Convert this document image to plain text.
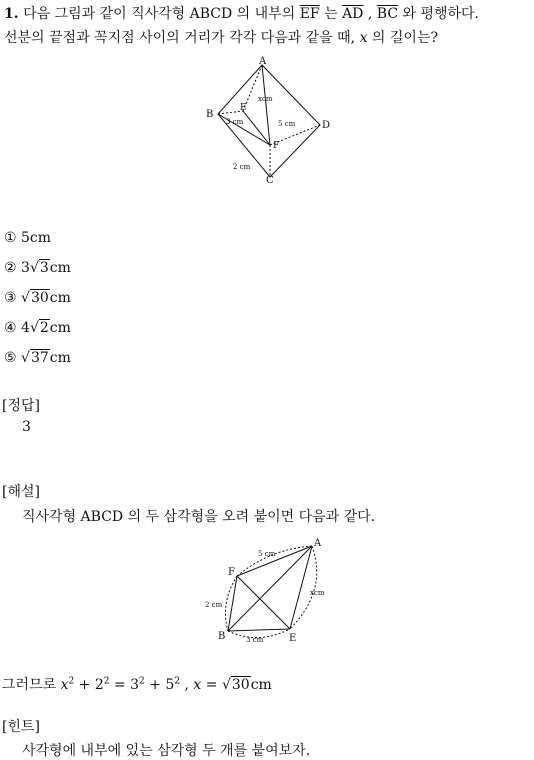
1. 다음 그림과 같이 직사각형 ABCD 의 내부의 $\overline{EF}$ 는 $\overline{AD}$ , $\overline{BC}$ 와 평행하다.
선분의 끝점과 꼭지점 사이의 거리가 각각 다음과 같을 때, x 의 길이는?
A
B
C
D
E
F
xcm
3 cm	5 cm
2 cm
① 5cm
② 3√3cm
③ √30cm
④ 4√2cm
⑤ √37cm
[정답]
3
[해설]
직사각형 ABCD 의 두 삼각형을 오려 붙이면 다음과 같다.
A
B	E
F
5 cm
2 cm
xcm
3 cm
그러므로 $x^2 + 2^2 = 3^2 + 5^2$ , x = √30cm
[힌트]
사각형에 내부에 있는 삼각형 두 개를 붙여보자.
